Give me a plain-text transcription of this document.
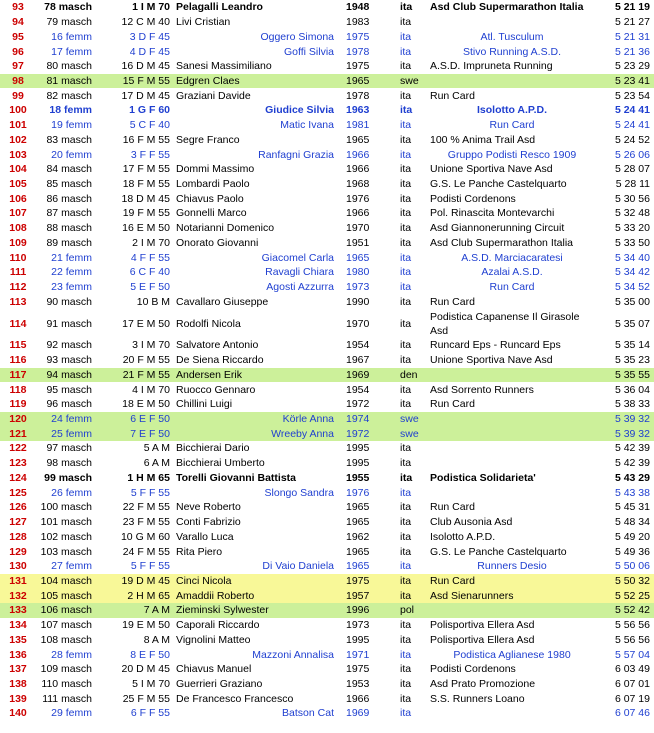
93	78 masch	1 I M 70	Pelagalli Leandro	1948	ita	Asd Club Supermarathon Italia	5 21 19
94	79 masch	12 C M 40	Livi Cristian	1983	ita		5 21 27
95	16 femm	3 D F 45	Oggero Simona	1975	ita	Atl. Tusculum	5 21 31
96	17 femm	4 D F 45	Goffi Silvia	1978	ita	Stivo Running A.S.D.	5 21 36
97	80 masch	16 D M 45	Sanesi Massimiliano	1975	ita	A.S.D. Impruneta Running	5 23 29
98	81 masch	15 F M 55	Edgren Claes	1965	swe		5 23 41
99	82 masch	17 D M 45	Graziani Davide	1978	ita	Run Card	5 23 54
100	18 femm	1 G F 60	Giudice Silvia	1963	ita	Isolotto A.P.D.	5 24 41
101	19 femm	5 C F 40	Matic Ivana	1981	ita	Run Card	5 24 41
102	83 masch	16 F M 55	Segre Franco	1965	ita	100 % Anima Trail Asd	5 24 52
103	20 femm	3 F F 55	Ranfagni Grazia	1966	ita	Gruppo Podisti Resco 1909	5 26 06
104	84 masch	17 F M 55	Dommi Massimo	1966	ita	Unione Sportiva Nave Asd	5 28 07
105	85 masch	18 F M 55	Lombardi Paolo	1968	ita	G.S. Le Panche Castelquarto	5 28 11
106	86 masch	18 D M 45	Chiavus Paolo	1976	ita	Podisti Cordenons	5 30 56
107	87 masch	19 F M 55	Gonnelli Marco	1966	ita	Pol. Rinascita Montevarchi	5 32 48
108	88 masch	16 E M 50	Notarianni Domenico	1970	ita	Asd Giannonerunning Circuit	5 33 20
109	89 masch	2 I M 70	Onorato Giovanni	1951	ita	Asd Club Supermarathon Italia	5 33 50
110	21 femm	4 F F 55	Giacomel Carla	1965	ita	A.S.D. Marciacaratesi	5 34 40
111	22 femm	6 C F 40	Ravagli Chiara	1980	ita	Azalai A.S.D.	5 34 42
112	23 femm	5 E F 50	Agosti Azzurra	1973	ita	Run Card	5 34 52
113	90 masch	10 B M	Cavallaro Giuseppe	1990	ita	Run Card	5 35 00
114	91 masch	17 E M 50	Rodolfi Nicola	1970	ita	Podistica Capanense Il Girasole Asd	5 35 07
115	92 masch	3 I M 70	Salvatore Antonio	1954	ita	Runcard Eps - Runcard Eps	5 35 14
116	93 masch	20 F M 55	De Siena Riccardo	1967	ita	Unione Sportiva Nave Asd	5 35 23
117	94 masch	21 F M 55	Andersen Erik	1969	den		5 35 55
118	95 masch	4 I M 70	Ruocco Gennaro	1954	ita	Asd Sorrento Runners	5 36 04
119	96 masch	18 E M 50	Chillini Luigi	1972	ita	Run Card	5 38 33
120	24 femm	6 E F 50	Körle Anna	1974	swe		5 39 32
121	25 femm	7 E F 50	Wreeby Anna	1972	swe		5 39 32
122	97 masch	5 A M	Bicchierai Dario	1995	ita		5 42 39
123	98 masch	6 A M	Bicchierai Umberto	1995	ita		5 42 39
124	99 masch	1 H M 65	Torelli Giovanni Battista	1955	ita	Podistica Solidarieta'	5 43 29
125	26 femm	5 F F 55	Slongo Sandra	1976	ita		5 43 38
126	100 masch	22 F M 55	Neve Roberto	1965	ita	Run Card	5 45 31
127	101 masch	23 F M 55	Conti Fabrizio	1965	ita	Club Ausonia Asd	5 48 34
128	102 masch	10 G M 60	Varallo Luca	1962	ita	Isolotto A.P.D.	5 49 20
129	103 masch	24 F M 55	Rita Piero	1965	ita	G.S. Le Panche Castelquarto	5 49 36
130	27 femm	5 F F 55	Di Vaio Daniela	1965	ita	Runners Desio	5 50 06
131	104 masch	19 D M 45	Cinci Nicola	1975	ita	Run Card	5 50 32
132	105 masch	2 H M 65	Amaddii Roberto	1957	ita	Asd Sienarunners	5 52 25
133	106 masch	7 A M	Zieminski Sylwester	1996	pol		5 52 42
134	107 masch	19 E M 50	Caporali Riccardo	1973	ita	Polisportiva Ellera Asd	5 56 56
135	108 masch	8 A M	Vignolini Matteo	1995	ita	Polisportiva Ellera Asd	5 56 56
136	28 femm	8 E F 50	Mazzoni Annalisa	1971	ita	Podistica Aglianese 1980	5 57 04
137	109 masch	20 D M 45	Chiavus Manuel	1975	ita	Podisti Cordenons	6 03 49
138	110 masch	5 I M 70	Guerrieri Graziano	1953	ita	Asd Prato Promozione	6 07 01
139	111 masch	25 F M 55	De Francesco Francesco	1966	ita	S.S. Runners Loano	6 07 19
140	29 femm	6 F F 55	Batson Cat	1969	ita		6 07 46
